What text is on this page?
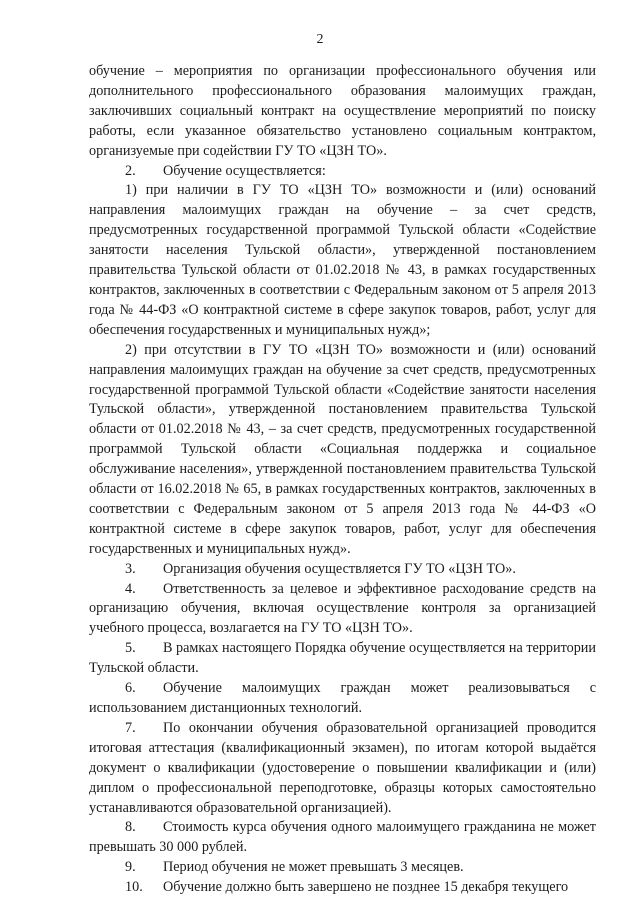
2

обучение – мероприятия по организации профессионального обучения или дополнительного профессионального образования малоимущих граждан, заключивших социальный контракт на осуществление мероприятий по поиску работы, если указанное обязательство установлено социальным контрактом, организуемые при содействии ГУ ТО «ЦЗН ТО».

2. Обучение осуществляется:

1) при наличии в ГУ ТО «ЦЗН ТО» возможности и (или) оснований направления малоимущих граждан на обучение – за счет средств, предусмотренных государственной программой Тульской области «Содействие занятости населения Тульской области», утвержденной постановлением правительства Тульской области от 01.02.2018 № 43, в рамках государственных контрактов, заключенных в соответствии с Федеральным законом от 5 апреля 2013 года № 44-ФЗ «О контрактной системе в сфере закупок товаров, работ, услуг для обеспечения государственных и муниципальных нужд»;

2) при отсутствии в ГУ ТО «ЦЗН ТО» возможности и (или) оснований направления малоимущих граждан на обучение за счет средств, предусмотренных государственной программой Тульской области «Содействие занятости населения Тульской области», утвержденной постановлением правительства Тульской области от 01.02.2018 № 43, – за счет средств, предусмотренных государственной программой Тульской области «Социальная поддержка и социальное обслуживание населения», утвержденной постановлением правительства Тульской области от 16.02.2018 № 65, в рамках государственных контрактов, заключенных в соответствии с Федеральным законом от 5 апреля 2013 года № 44-ФЗ «О контрактной системе в сфере закупок товаров, работ, услуг для обеспечения государственных и муниципальных нужд».

3. Организация обучения осуществляется ГУ ТО «ЦЗН ТО».

4. Ответственность за целевое и эффективное расходование средств на организацию обучения, включая осуществление контроля за организацией учебного процесса, возлагается на ГУ ТО «ЦЗН ТО».

5. В рамках настоящего Порядка обучение осуществляется на территории Тульской области.

6. Обучение малоимущих граждан может реализовываться с использованием дистанционных технологий.

7. По окончании обучения образовательной организацией проводится итоговая аттестация (квалификационный экзамен), по итогам которой выдаётся документ о квалификации (удостоверение о повышении квалификации и (или) диплом о профессиональной переподготовке, образцы которых самостоятельно устанавливаются образовательной организацией).

8. Стоимость курса обучения одного малоимущего гражданина не может превышать 30 000 рублей.

9. Период обучения не может превышать 3 месяцев.

10. Обучение должно быть завершено не позднее 15 декабря текущего
